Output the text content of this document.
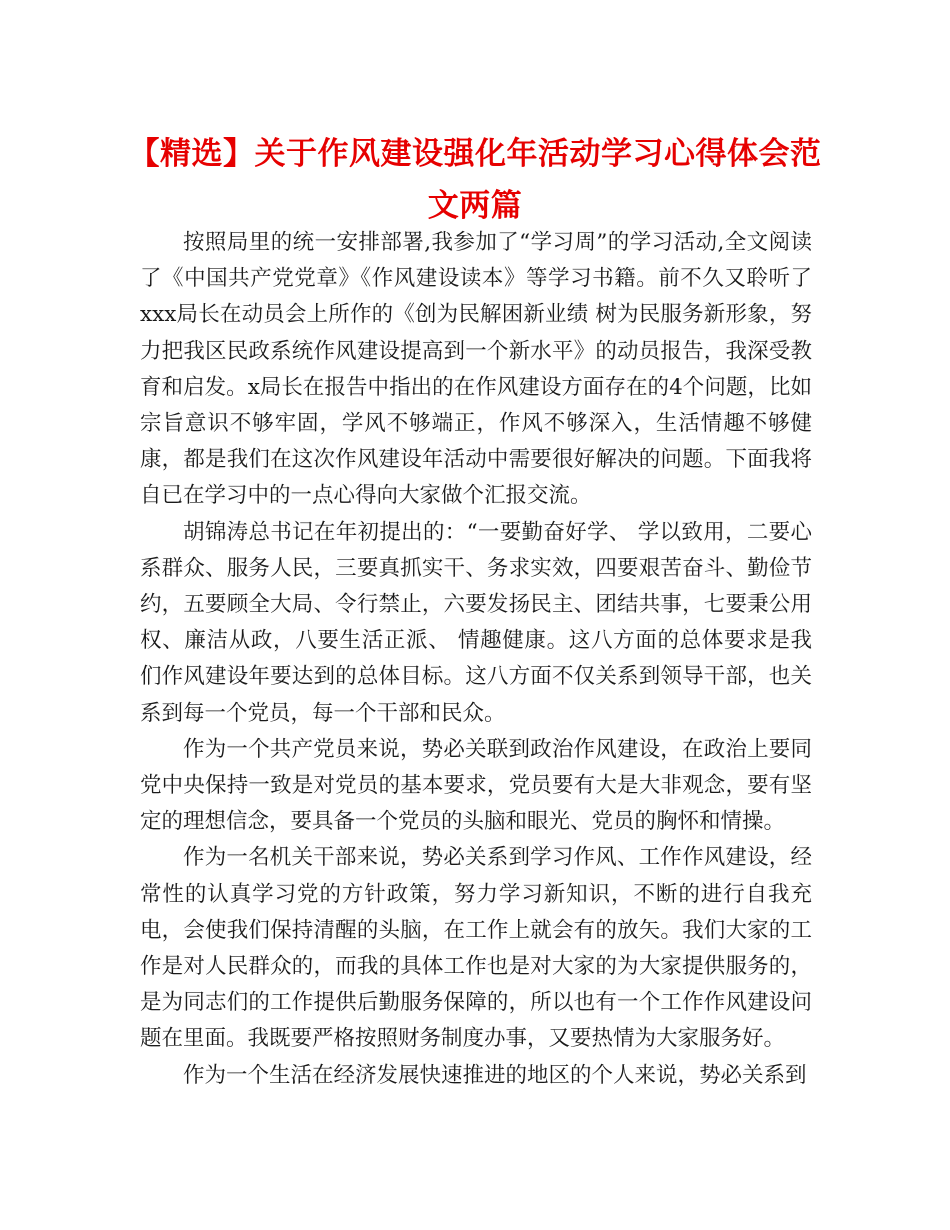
【精选】关于作风建设强化年活动学习心得体会范文两篇

按照局里的统一安排部署,我参加了“学习周”的学习活动,全文阅读了《中国共产党党章》《作风建设读本》等学习书籍。前不久又聆听了xxx局长在动员会上所作的《创为民解困新业绩 树为民服务新形象，努力把我区民政系统作风建设提高到一个新水平》的动员报告，我深受教育和启发。x局长在报告中指出的在作风建设方面存在的4个问题，比如宗旨意识不够牢固，学风不够端正，作风不够深入，生活情趣不够健康，都是我们在这次作风建设年活动中需要很好解决的问题。下面我将自已在学习中的一点心得向大家做个汇报交流。

胡锦涛总书记在年初提出的：“一要勤奋好学、 学以致用，二要心系群众、服务人民，三要真抓实干、务求实效，四要艰苦奋斗、勤俭节约，五要顾全大局、令行禁止，六要发扬民主、团结共事，七要秉公用权、廉洁从政，八要生活正派、 情趣健康。这八方面的总体要求是我们作风建设年要达到的总体目标。这八方面不仅关系到领导干部，也关系到每一个党员，每一个干部和民众。

作为一个共产党员来说，势必关联到政治作风建设，在政治上要同党中央保持一致是对党员的基本要求，党员要有大是大非观念，要有坚定的理想信念，要具备一个党员的头脑和眼光、党员的胸怀和情操。

作为一名机关干部来说，势必关系到学习作风、工作作风建设，经常性的认真学习党的方针政策，努力学习新知识，不断的进行自我充电，会使我们保持清醒的头脑，在工作上就会有的放矢。我们大家的工作是对人民群众的，而我的具体工作也是对大家的为大家提供服务的，是为同志们的工作提供后勤服务保障的，所以也有一个工作作风建设问题在里面。我既要严格按照财务制度办事，又要热情为大家服务好。

作为一个生活在经济发展快速推进的地区的个人来说，势必关系到
